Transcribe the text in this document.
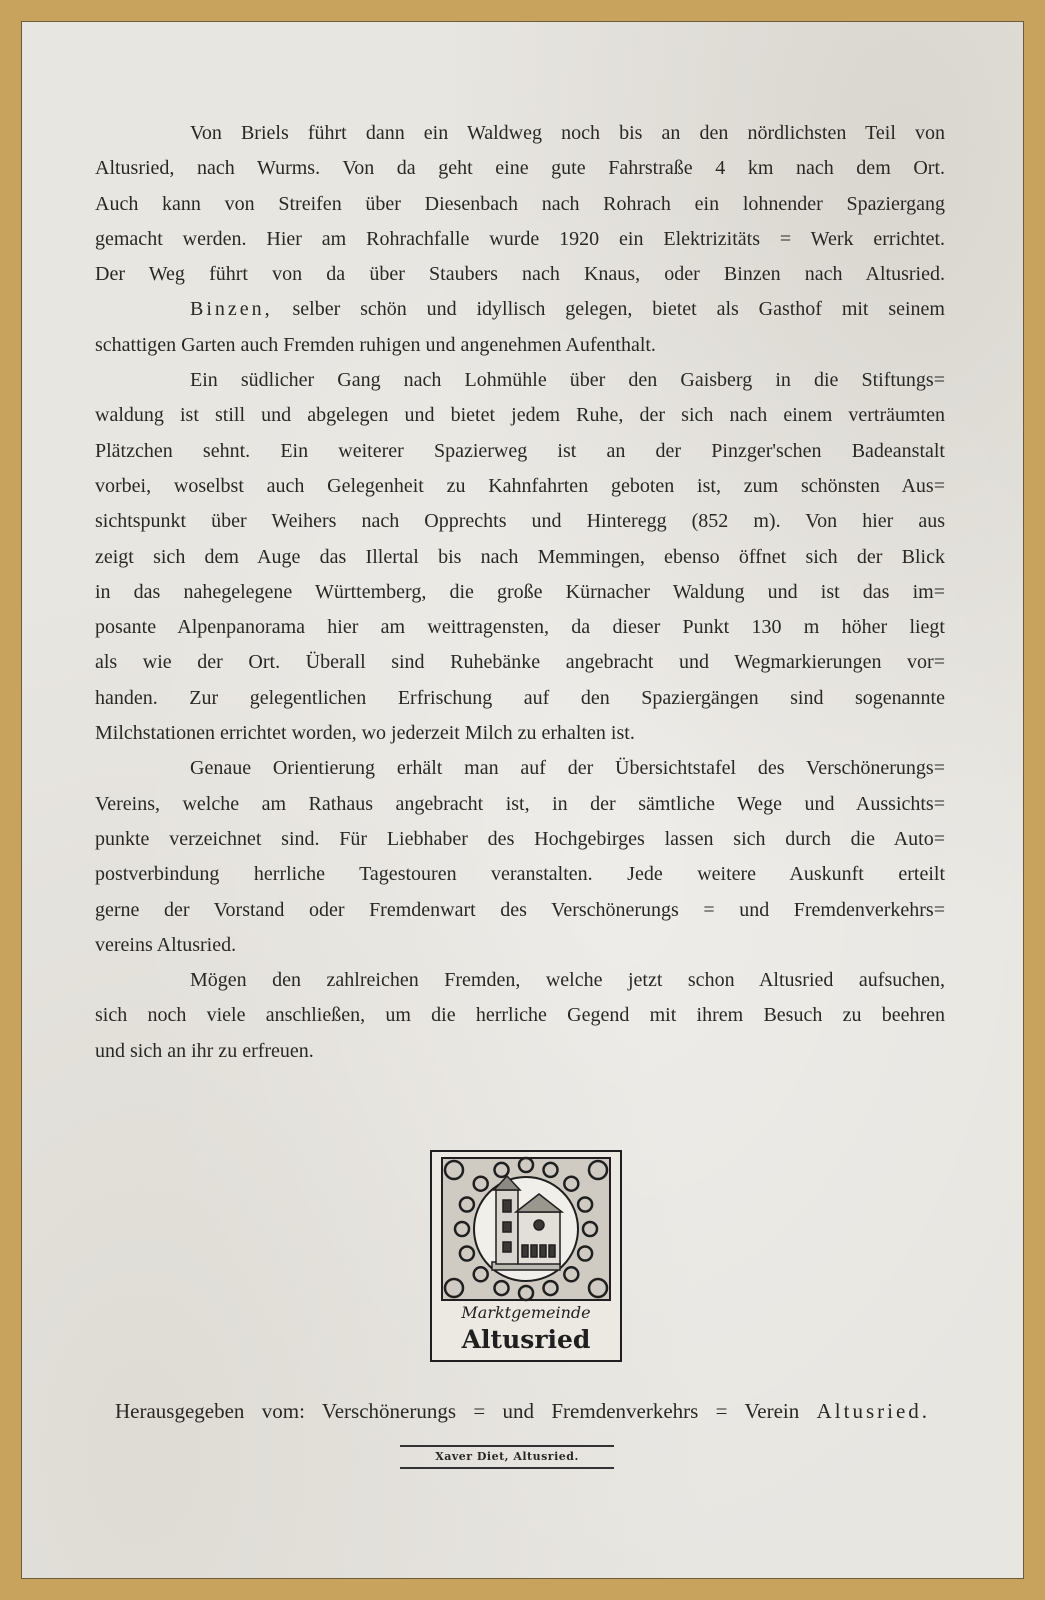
Von Briels führt dann ein Waldweg noch bis an den nördlichsten Teil von
Altusried, nach Wurms. Von da geht eine gute Fahrstraße 4 km nach dem Ort.
Auch kann von Streifen über Diesenbach nach Rohrach ein lohnender Spaziergang
gemacht werden. Hier am Rohrachfalle wurde 1920 ein Elektrizitäts = Werk errichtet.
Der Weg führt von da über Staubers nach Knaus, oder Binzen nach Altusried.
Binzen, selber schön und idyllisch gelegen, bietet als Gasthof mit seinem
schattigen Garten auch Fremden ruhigen und angenehmen Aufenthalt.
Ein südlicher Gang nach Lohmühle über den Gaisberg in die Stiftungs=
waldung ist still und abgelegen und bietet jedem Ruhe, der sich nach einem verträumten
Plätzchen sehnt. Ein weiterer Spazierweg ist an der Pinzger'schen Badeanstalt
vorbei, woselbst auch Gelegenheit zu Kahnfahrten geboten ist, zum schönsten Aus=
sichtspunkt über Weihers nach Opprechts und Hinteregg (852 m). Von hier aus
zeigt sich dem Auge das Illertal bis nach Memmingen, ebenso öffnet sich der Blick
in das nahegelegene Württemberg, die große Kürnacher Waldung und ist das im=
posante Alpenpanorama hier am weittragensten, da dieser Punkt 130 m höher liegt
als wie der Ort. Überall sind Ruhebänke angebracht und Wegmarkierungen vor=
handen. Zur gelegentlichen Erfrischung auf den Spaziergängen sind sogenannte
Milchstationen errichtet worden, wo jederzeit Milch zu erhalten ist.
Genaue Orientierung erhält man auf der Übersichtstafel des Verschönerungs=
Vereins, welche am Rathaus angebracht ist, in der sämtliche Wege und Aussichts=
punkte verzeichnet sind. Für Liebhaber des Hochgebirges lassen sich durch die Auto=
postverbindung herrliche Tagestouren veranstalten. Jede weitere Auskunft erteilt
gerne der Vorstand oder Fremdenwart des Verschönerungs = und Fremdenverkehrs=
vereins Altusried.
Mögen den zahlreichen Fremden, welche jetzt schon Altusried aufsuchen,
sich noch viele anschließen, um die herrliche Gegend mit ihrem Besuch zu beehren
und sich an ihr zu erfreuen.
Marktgemeinde
Altusried
Herausgegeben vom: Verschönerungs = und Fremdenverkehrs = Verein Altusried.
Xaver Diet, Altusried.
